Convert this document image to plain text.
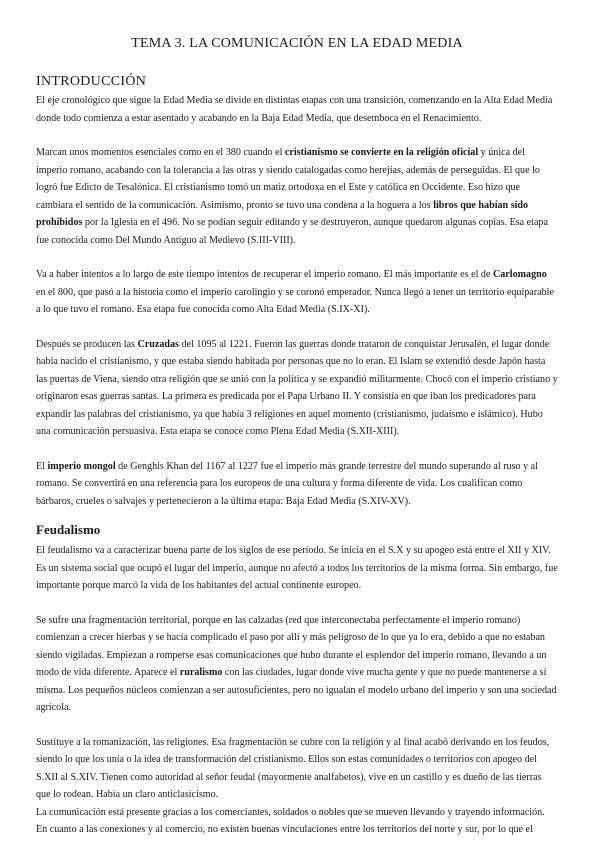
TEMA 3. LA COMUNICACIÓN EN LA EDAD MEDIA
INTRODUCCIÓN

El eje cronológico que sigue la Edad Media se divide en distintas etapas con una transición, comenzando en la Alta Edad Media donde todo comienza a estar asentado y acabando en la Baja Edad Media, que desemboca en el Renacimiento.

Marcan unos momentos esenciales como en el 380 cuando el cristianismo se convierte en la religión oficial y única del imperio romano, acabando con la tolerancia a las otras y siendo catalogadas como herejías, además de perseguidas. El que lo logró fue Edicto de Tesalónica. El cristianismo tomó un matiz ortodoxa en el Este y católica en Occidente. Eso hizo que cambiara el sentido de la comunicación. Asimismo, pronto se tuvo una condena a la hoguera a los libros que habían sido prohibidos por la Iglesia en el 496. No se podían seguir editando y se destruyeron, aunque quedaron algunas copias. Esa etapa fue conocida como Del Mundo Antiguo al Medievo (S.III-VIII).

Va a haber intentos a lo largo de este tiempo intentos de recuperar el imperio romano. El más importante es el de Carlomagno en el 800, que pasó a la historia como el imperio carolingio y se coronó emperador. Nunca llegó a tener un territorio equiparable a lo que tuvo el romano. Esa etapa fue conocida como Alta Edad Media (S.IX-XI).

Después se producen las Cruzadas del 1095 al 1221. Fueron las guerras donde trataron de conquistar Jerusalén, el lugar donde había nacido el cristianismo, y que estaba siendo habitada por personas que no lo eran. El Islam se extendió desde Japón hasta las puertas de Viena, siendo otra religión que se unió con la política y se expandió militarmente. Chocó con el imperio cristiano y originaron esas guerras santas. La primera es predicada por el Papa Urbano II. Y consistía en que iban los predicadores para expandir las palabras del cristianismo, ya que había 3 religiones en aquel momento (cristianismo, judaísmo e islámico). Hubo una comunicación persuasiva. Esta etapa se conoce como Plena Edad Media (S.XII-XIII).

El imperio mongol de Genghis Khan del 1167 al 1227 fue el imperio más grande terrestre del mundo superando al ruso y al romano. Se convertirá en una referencia para los europeos de una cultura y forma diferente de vida. Los cualifican como bárbaros, crueles o salvajes y pertenecieron a la última etapa: Baja Edad Media (S.XIV-XV).

Feudalismo

El feudalismo va a caracterizar buena parte de los siglos de ese período. Se inicia en el S.X y su apogeo está entre el XII y XIV. Es un sistema social que ocupó el lugar del imperio, aunque no afectó a todos los territorios de la misma forma. Sin embargo, fue importante porque marcó la vida de los habitantes del actual continente europeo.

Se sufre una fragmentación territorial, porque en las calzadas (red que interconectaba perfectamente el imperio romano) comienzan a crecer hierbas y se hacía complicado el paso por allí y más peligroso de lo que ya lo era, debido a que no estaban siendo vigiladas. Empiezan a romperse esas comunicaciones que hubo durante el esplendor del imperio romano, llevando a un modo de vida diferente. Aparece el ruralismo con las ciudades, lugar donde vive mucha gente y que no puede mantenerse a sí misma. Los pequeños núcleos comienzan a ser autosuficientes, pero no igualan el modelo urbano del imperio y son una sociedad agrícola.

Sustituye a la romanización, las religiones. Esa fragmentación se cubre con la religión y al final acabó derivando en los feudos, siendo lo que los unía o la idea de transformación del cristianismo. Ellos son estas comunidades o territorios con apogeo del S.XII al S.XIV. Tienen como autoridad al señor feudal (mayormente analfabetos), vive en un castillo y es dueño de las tierras que lo rodean. Había un claro anticlasicismo.

La comunicación está presente gracias a los comerciantes, soldados o nobles que se mueven llevando y trayendo información. En cuanto a las conexiones y al comercio, no existen buenas vinculaciones entre los territorios del norte y sur, por lo que el
